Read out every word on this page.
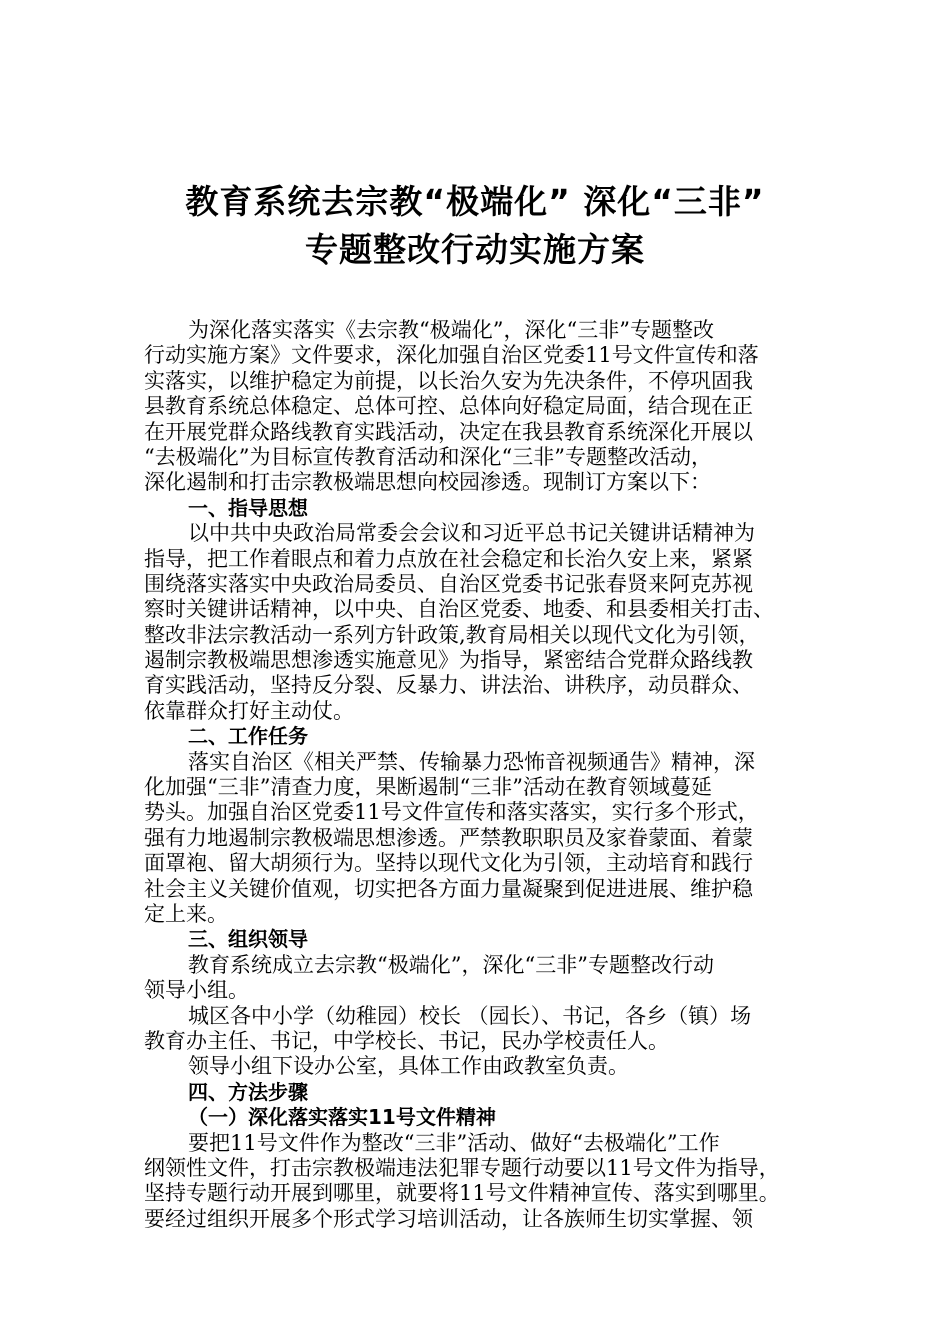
教育系统去宗教“极端化” 深化“三非”
专题整改行动实施方案
为深化落实落实《去宗教“极端化”，深化“三非”专题整改
行动实施方案》文件要求，深化加强自治区党委11号文件宣传和落
实落实，以维护稳定为前提，以长治久安为先决条件，不停巩固我
县教育系统总体稳定、总体可控、总体向好稳定局面，结合现在正
在开展党群众路线教育实践活动，决定在我县教育系统深化开展以
“去极端化”为目标宣传教育活动和深化“三非”专题整改活动，
深化遏制和打击宗教极端思想向校园渗透。现制订方案以下：
一、指导思想
以中共中央政治局常委会会议和习近平总书记关键讲话精神为
指导，把工作着眼点和着力点放在社会稳定和长治久安上来，紧紧
围绕落实落实中央政治局委员、自治区党委书记张春贤来阿克苏视
察时关键讲话精神，以中央、自治区党委、地委、和县委相关打击、
整改非法宗教活动一系列方针政策,教育局相关以现代文化为引领，
遏制宗教极端思想渗透实施意见》为指导，紧密结合党群众路线教
育实践活动，坚持反分裂、反暴力、讲法治、讲秩序，动员群众、
依靠群众打好主动仗。
二、工作任务
落实自治区《相关严禁、传输暴力恐怖音视频通告》精神，深
化加强“三非”清查力度，果断遏制“三非”活动在教育领域蔓延
势头。加强自治区党委11号文件宣传和落实落实，实行多个形式，
强有力地遏制宗教极端思想渗透。严禁教职职员及家眷蒙面、着蒙
面罩袍、留大胡须行为。坚持以现代文化为引领，主动培育和践行
社会主义关键价值观，切实把各方面力量凝聚到促进进展、维护稳
定上来。
三、组织领导
教育系统成立去宗教“极端化”，深化“三非”专题整改行动
领导小组。
城区各中小学（幼稚园）校长 （园长）、书记，各乡（镇）场
教育办主任、书记，中学校长、书记，民办学校责任人。
领导小组下设办公室，具体工作由政教室负责。
四、方法步骤
（一）深化落实落实11号文件精神
要把11号文件作为整改“三非”活动、做好“去极端化”工作
纲领性文件，打击宗教极端违法犯罪专题行动要以11号文件为指导，
坚持专题行动开展到哪里，就要将11号文件精神宣传、落实到哪里。
要经过组织开展多个形式学习培训活动，让各族师生切实掌握、领
